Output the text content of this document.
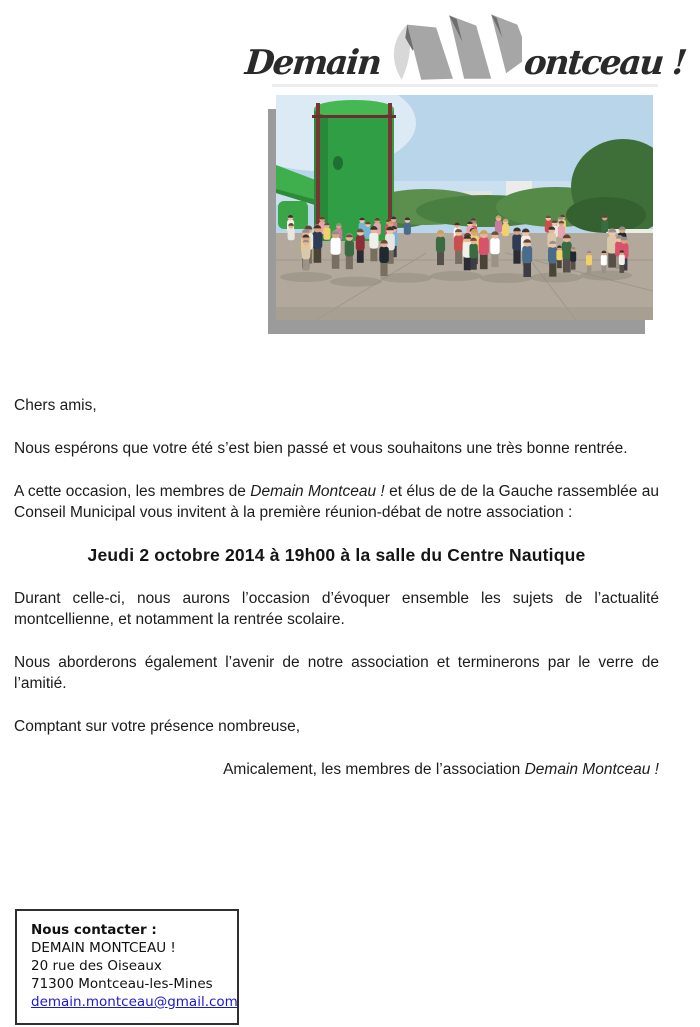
Demain	ontceau !

Chers amis,

Nous espérons que votre été s’est bien passé et vous souhaitons une très bonne rentrée.

A cette occasion, les membres de Demain Montceau ! et élus de de la Gauche rassemblée au Conseil Municipal vous invitent à la première réunion-débat de notre association :

Jeudi 2 octobre 2014 à 19h00 à la salle du Centre Nautique

Durant celle-ci, nous aurons l’occasion d’évoquer ensemble les sujets de l’actualité montcellienne, et notamment la rentrée scolaire.

Nous aborderons également l’avenir de notre association et terminerons par le verre de l’amitié.

Comptant sur votre présence nombreuse,

Amicalement, les membres de l’association Demain Montceau !

Nous contacter :

DEMAIN MONTCEAU !

20 rue des Oiseaux

71300 Montceau-les-Mines

demain.montceau@gmail.com
